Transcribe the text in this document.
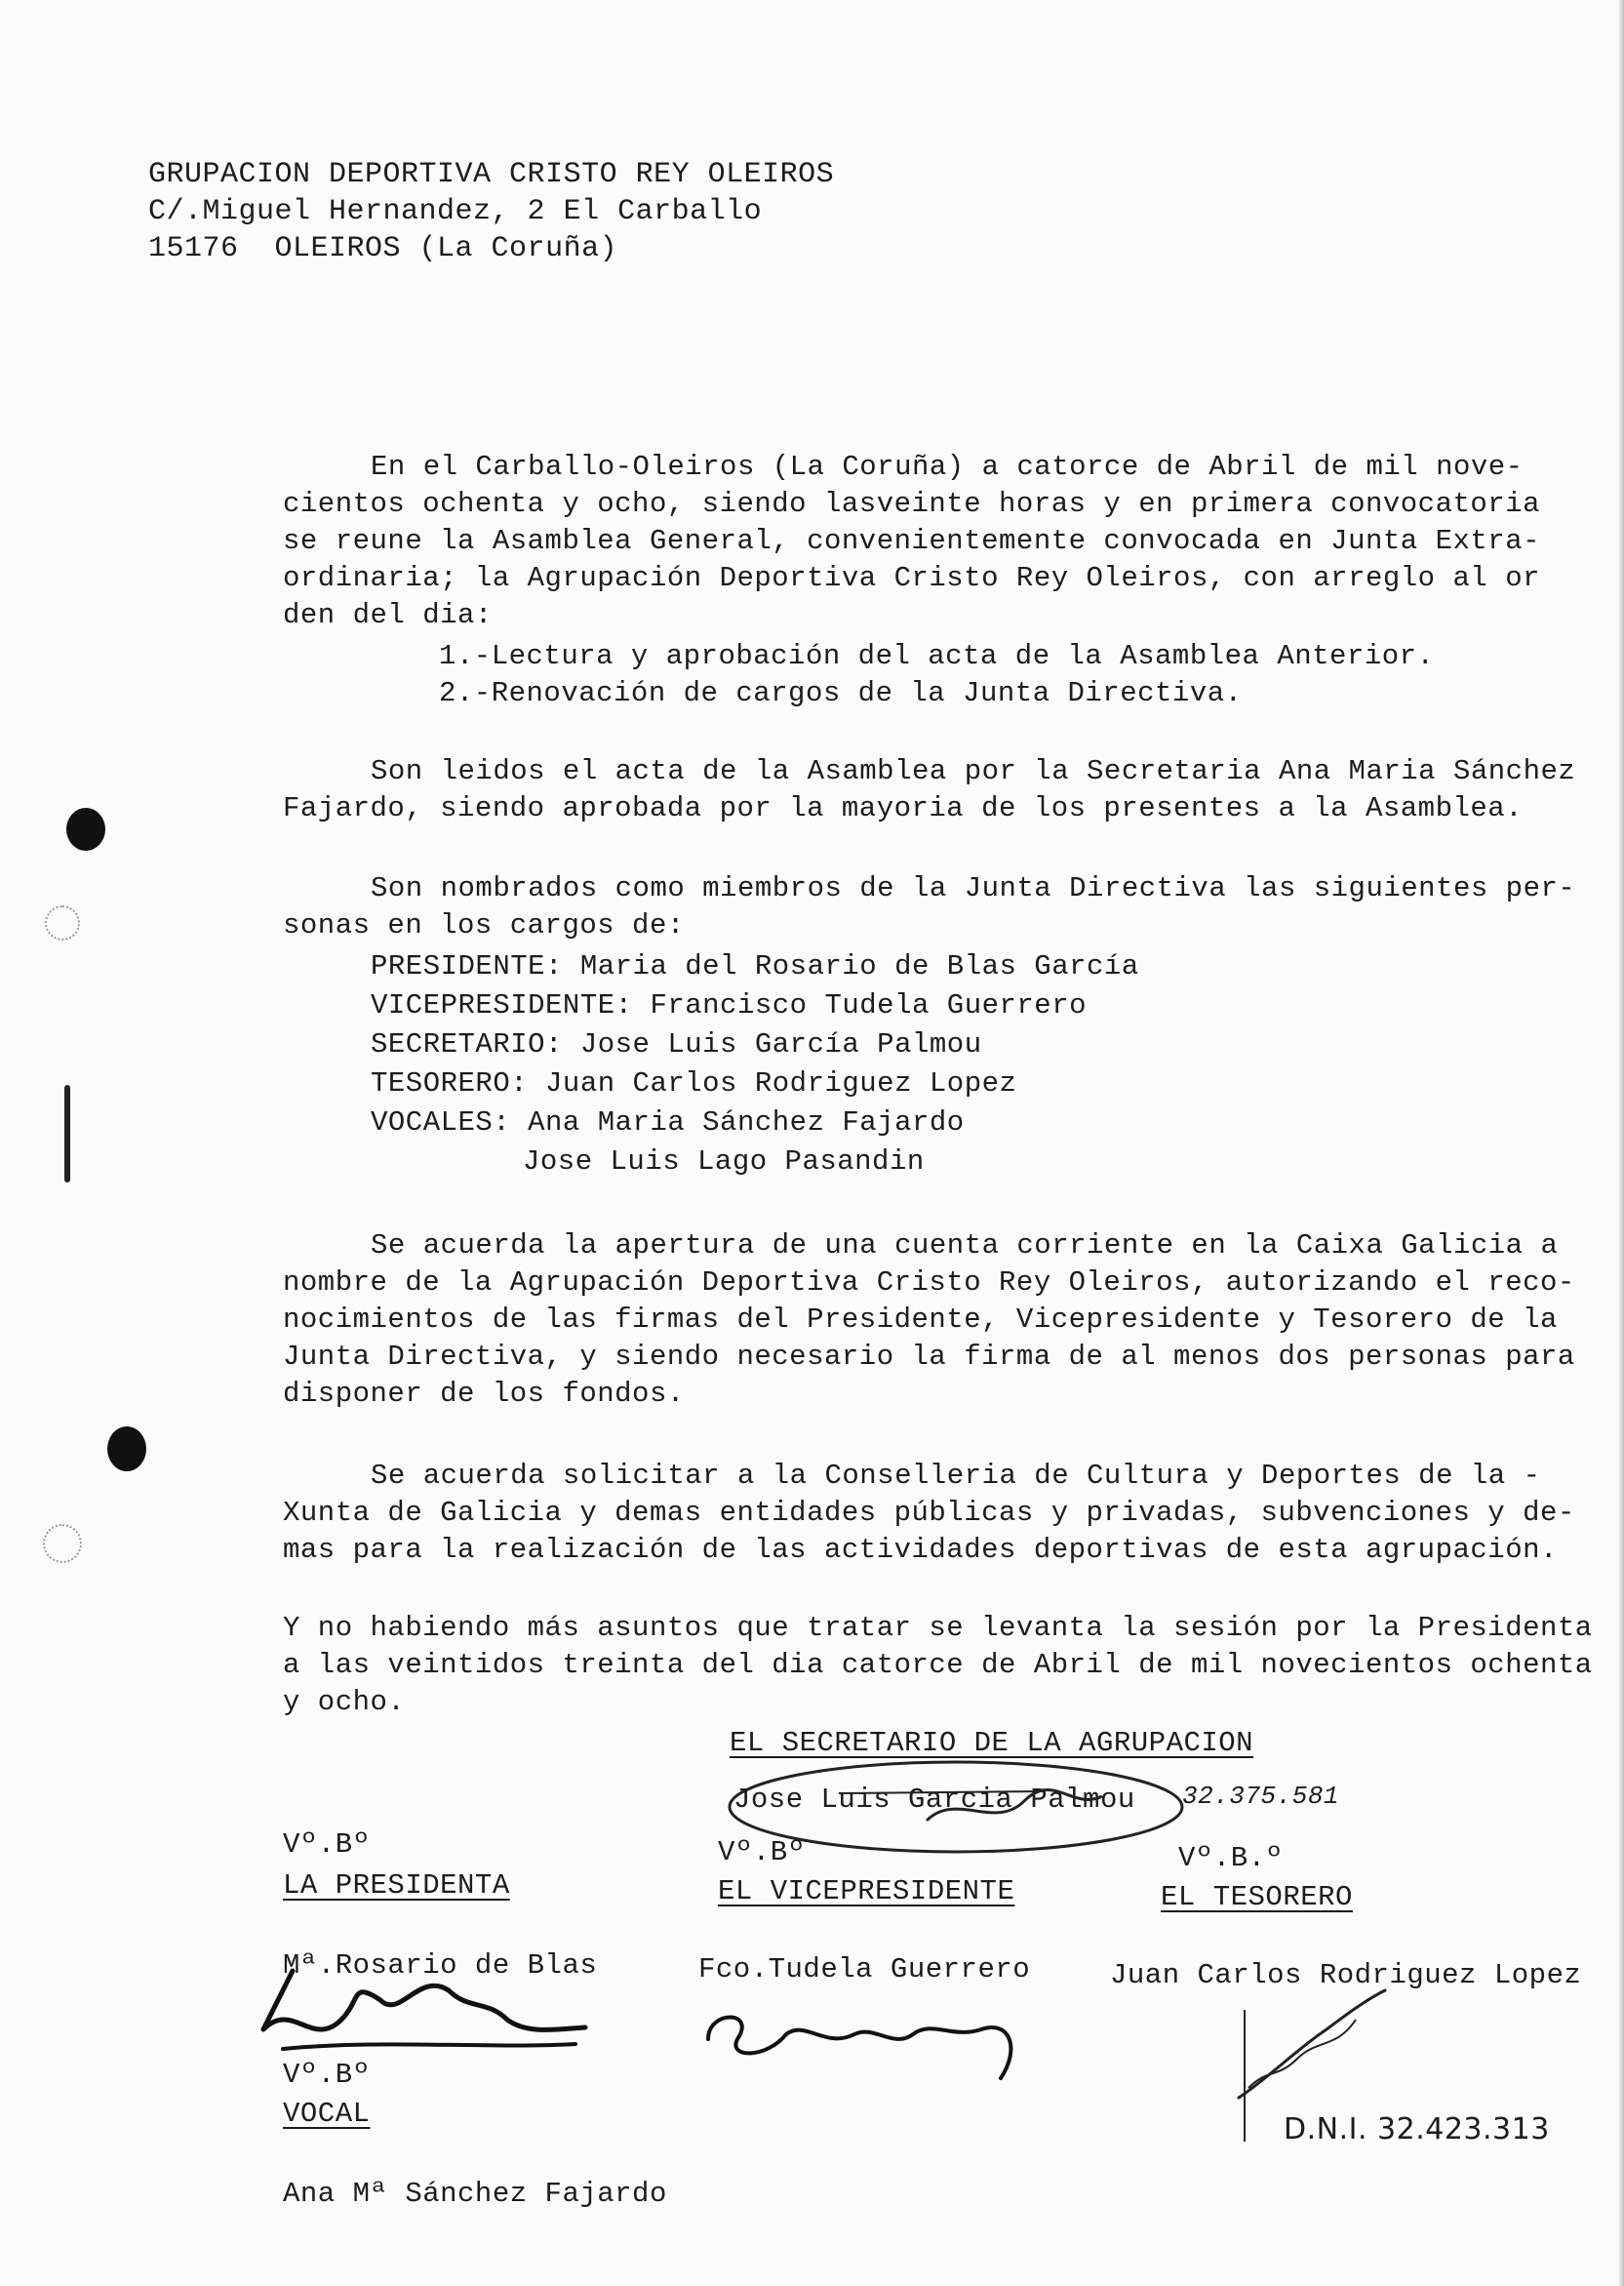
GRUPACION DEPORTIVA CRISTO REY OLEIROS
C/.Miguel Hernandez, 2 El Carballo
15176  OLEIROS (La Coruña)
En el Carballo-Oleiros (La Coruña) a catorce de Abril de mil nove-
cientos ochenta y ocho, siendo lasveinte horas y en primera convocatoria
se reune la Asamblea General, convenientemente convocada en Junta Extra-
ordinaria; la Agrupación Deportiva Cristo Rey Oleiros, con arreglo al or
den del dia:
1.-Lectura y aprobación del acta de la Asamblea Anterior.
2.-Renovación de cargos de la Junta Directiva.
Son leidos el acta de la Asamblea por la Secretaria Ana Maria Sánchez
Fajardo, siendo aprobada por la mayoria de los presentes a la Asamblea.
Son nombrados como miembros de la Junta Directiva las siguientes per-
sonas en los cargos de:
PRESIDENTE: Maria del Rosario de Blas García
VICEPRESIDENTE: Francisco Tudela Guerrero
SECRETARIO: Jose Luis García Palmou
TESORERO: Juan Carlos Rodriguez Lopez
VOCALES: Ana Maria Sánchez Fajardo
Jose Luis Lago Pasandin
Se acuerda la apertura de una cuenta corriente en la Caixa Galicia a
nombre de la Agrupación Deportiva Cristo Rey Oleiros, autorizando el reco-
nocimientos de las firmas del Presidente, Vicepresidente y Tesorero de la
Junta Directiva, y siendo necesario la firma de al menos dos personas para
disponer de los fondos.
Se acuerda solicitar a la Conselleria de Cultura y Deportes de la -
Xunta de Galicia y demas entidades públicas y privadas, subvenciones y de-
mas para la realización de las actividades deportivas de esta agrupación.
Y no habiendo más asuntos que tratar se levanta la sesión por la Presidenta
a las veintidos treinta del dia catorce de Abril de mil novecientos ochenta
y ocho.
EL SECRETARIO DE LA AGRUPACION
Jose Luis Garcia Palmou 32.375.581
Vº.Bº
LA PRESIDENTA
Mª.Rosario de Blas
Vº.Bº
EL VICEPRESIDENTE
Fco.Tudela Guerrero
Vº.B.º
EL TESORERO
Juan Carlos Rodriguez Lopez
D.N.I. 32.423.313
Vº.Bº
VOCAL
Ana Mª Sánchez Fajardo
